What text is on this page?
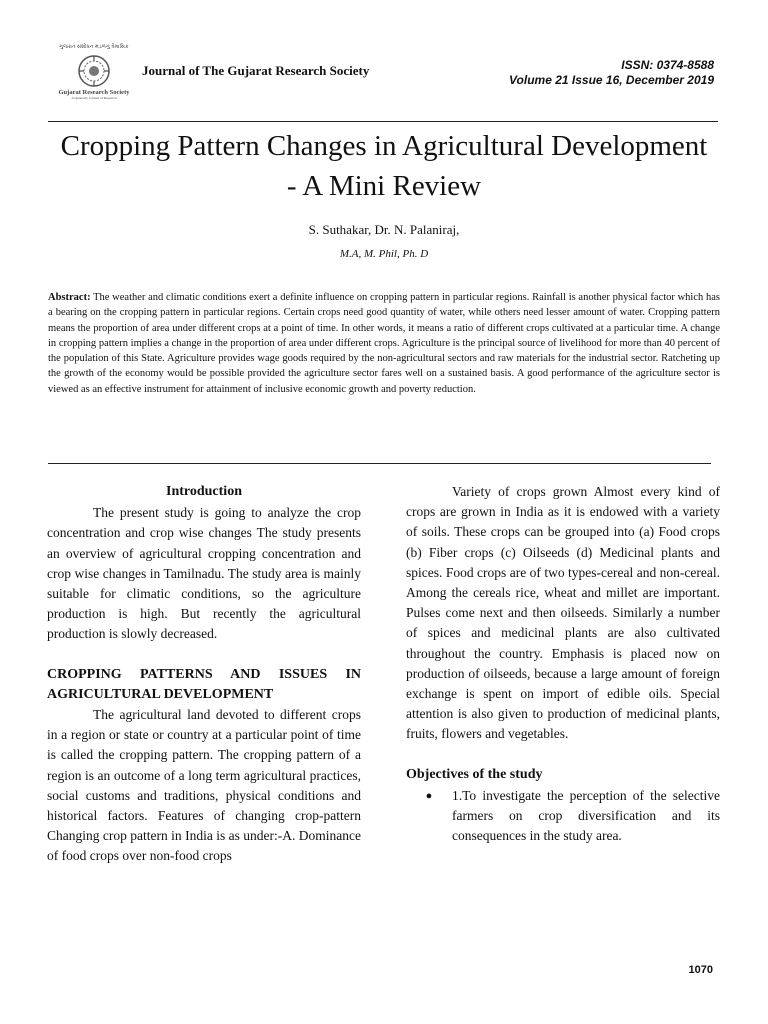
ગુજરાત સંશોધન મંડળનું ત્રૈમાસિક
Gujarat Research Society
A Quarterly Journal of Research
Journal of The Gujarat Research Society	ISSN: 0374-8588
Volume 21 Issue 16, December 2019
Cropping Pattern Changes in Agricultural Development - A Mini Review
S. Suthakar, Dr. N. Palaniraj,
M.A, M. Phil, Ph. D
Abstract: The weather and climatic conditions exert a definite influence on cropping pattern in particular regions. Rainfall is another physical factor which has a bearing on the cropping pattern in particular regions. Certain crops need good quantity of water, while others need lesser amount of water. Cropping pattern means the proportion of area under different crops at a point of time. In other words, it means a ratio of different crops cultivated at a particular time. A change in cropping pattern implies a change in the proportion of area under different crops. Agriculture is the principal source of livelihood for more than 40 percent of the population of this State. Agriculture provides wage goods required by the non-agricultural sectors and raw materials for the industrial sector. Ratcheting up the growth of the economy would be possible provided the agriculture sector fares well on a sustained basis. A good performance of the agriculture sector is viewed as an effective instrument for attainment of inclusive economic growth and poverty reduction.
Introduction

The present study is going to analyze the crop concentration and crop wise changes The study presents an overview of agricultural cropping concentration and crop wise changes in Tamilnadu. The study area is mainly suitable for climatic conditions, so the agriculture production is high. But recently the agricultural production is slowly decreased.

CROPPING PATTERNS AND ISSUES IN AGRICULTURAL DEVELOPMENT

The agricultural land devoted to different crops in a region or state or country at a particular point of time is called the cropping pattern. The cropping pattern of a region is an outcome of a long term agricultural practices, social customs and traditions, physical conditions and historical factors. Features of changing crop-pattern Changing crop pattern in India is as under:-A. Dominance of food crops over non-food crops

Variety of crops grown Almost every kind of crops are grown in India as it is endowed with a variety of soils. These crops can be grouped into (a) Food crops (b) Fiber crops (c) Oilseeds (d) Medicinal plants and spices. Food crops are of two types-cereal and non-cereal. Among the cereals rice, wheat and millet are important. Pulses come next and then oilseeds. Similarly a number of spices and medicinal plants are also cultivated throughout the country. Emphasis is placed now on production of oilseeds, because a large amount of foreign exchange is spent on import of edible oils. Special attention is also given to production of medicinal plants, fruits, flowers and vegetables.

Objectives of the study
●	1.To investigate the perception of the selective farmers on crop diversification and its consequences in the study area.
1070
